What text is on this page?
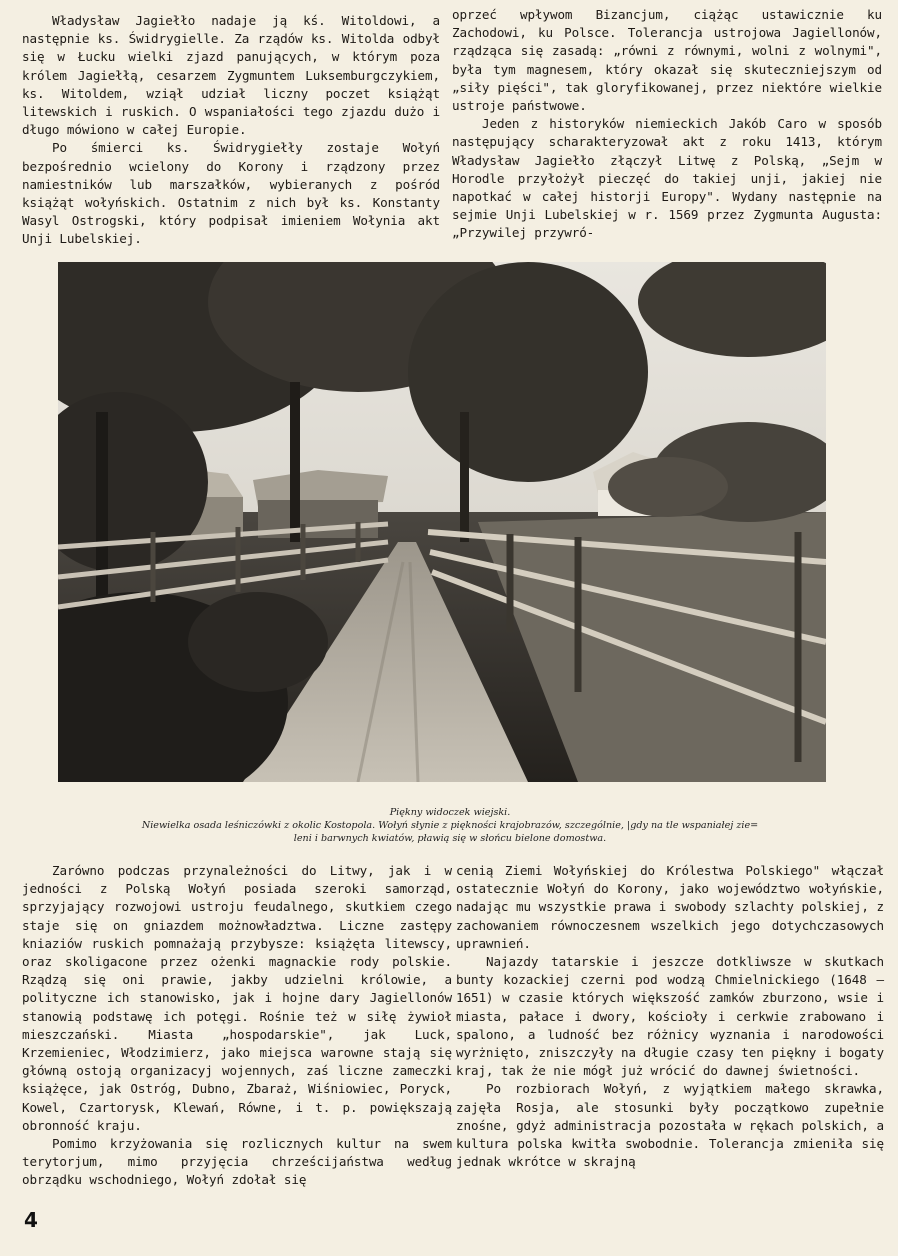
Władysław Jagiełło nadaje ją kś. Witoldowi, a następnie ks. Świdrygielle. Za rządów ks. Witolda odbył się w Łucku wielki zjazd panujących, w którym poza królem Jagiełłą, cesarzem Zygmuntem Luksemburgczykiem, ks. Witoldem, wziął udział liczny poczet książąt litewskich i ruskich. O wspaniałości tego zjazdu dużo i długo mówiono w całej Europie.

Po śmierci ks. Świdrygiełły zostaje Wołyń bezpośrednio wcielony do Korony i rządzony przez namiestników lub marszałków, wybieranych z pośród książąt wołyńskich. Ostatnim z nich był ks. Konstanty Wasyl Ostrogski, który podpisał imieniem Wołynia akt Unji Lubelskiej.

oprzeć wpływom Bizancjum, ciążąc ustawicznie ku Zachodowi, ku Polsce. Tolerancja ustrojowa Jagiellonów, rządząca się zasadą: „równi z równymi, wolni z wolnymi", była tym magnesem, który okazał się skuteczniejszym od „siły pięści", tak gloryfikowanej, przez niektóre wielkie ustroje państwowe.

Jeden z historyków niemieckich Jakób Caro w sposób następujący scharakteryzował akt z roku 1413, którym Władysław Jagiełło złączył Litwę z Polską, „Sejm w Horodle przyłożył pieczęć do takiej unji, jakiej nie napotkać w całej historji Europy". Wydany następnie na sejmie Unji Lubelskiej w r. 1569 przez Zygmunta Augusta: „Przywilej przywró-

Piękny widoczek wiejski.
Niewielka osada leśniczówki z okolic Kostopola. Wołyń słynie z piękności krajobrazów, szczególnie, |gdy na tle wspaniałej zie=
leni i barwnych kwiatów, pławią się w słońcu bielone domostwa.

Zarówno podczas przynależności do Litwy, jak i w jedności z Polską Wołyń posiada szeroki samorząd, sprzyjający rozwojowi ustroju feudalnego, skutkiem czego staje się on gniazdem możnowładztwa. Liczne zastępy kniaziów ruskich pomnażają przybysze: książęta litewscy, oraz skoligacone przez ożenki magnackie rody polskie. Rządzą się oni prawie, jakby udzielni królowie, a polityczne ich stanowisko, jak i hojne dary Jagiellonów stanowią podstawę ich potęgi. Rośnie też w siłę żywioł mieszczański. Miasta „hospodarskie", jak Luck, Krzemieniec, Włodzimierz, jako miejsca warowne stają się główną ostoją organizacyj wojennych, zaś liczne zameczki książęce, jak Ostróg, Dubno, Zbaraż, Wiśniowiec, Poryck, Kowel, Czartorysk, Klewań, Równe, i t. p. powiększają obronność kraju.

Pomimo krzyżowania się rozlicznych kultur na swem terytorjum, mimo przyjęcia chrześcijaństwa według obrządku wschodniego, Wołyń zdołał się

cenią Ziemi Wołyńskiej do Królestwa Polskiego" włączał ostatecznie Wołyń do Korony, jako województwo wołyńskie, nadając mu wszystkie prawa i swobody szlachty polskiej, z zachowaniem równoczesnem wszelkich jego dotychczasowych uprawnień.

Najazdy tatarskie i jeszcze dotkliwsze w skutkach bunty kozackiej czerni pod wodzą Chmielnickiego (1648 — 1651) w czasie których większość zamków zburzono, wsie i miasta, pałace i dwory, kościoły i cerkwie zrabowano i spalono, a ludność bez różnicy wyznania i narodowości wyrżnięto, zniszczyły na długie czasy ten piękny i bogaty kraj, tak że nie mógł już wrócić do dawnej świetności.

Po rozbiorach Wołyń, z wyjątkiem małego skrawka, zajęła Rosja, ale stosunki były początkowo zupełnie znośne, gdyż administracja pozostała w rękach polskich, a kultura polska kwitła swobodnie. Tolerancja zmieniła się jednak wkrótce w skrajną

4
